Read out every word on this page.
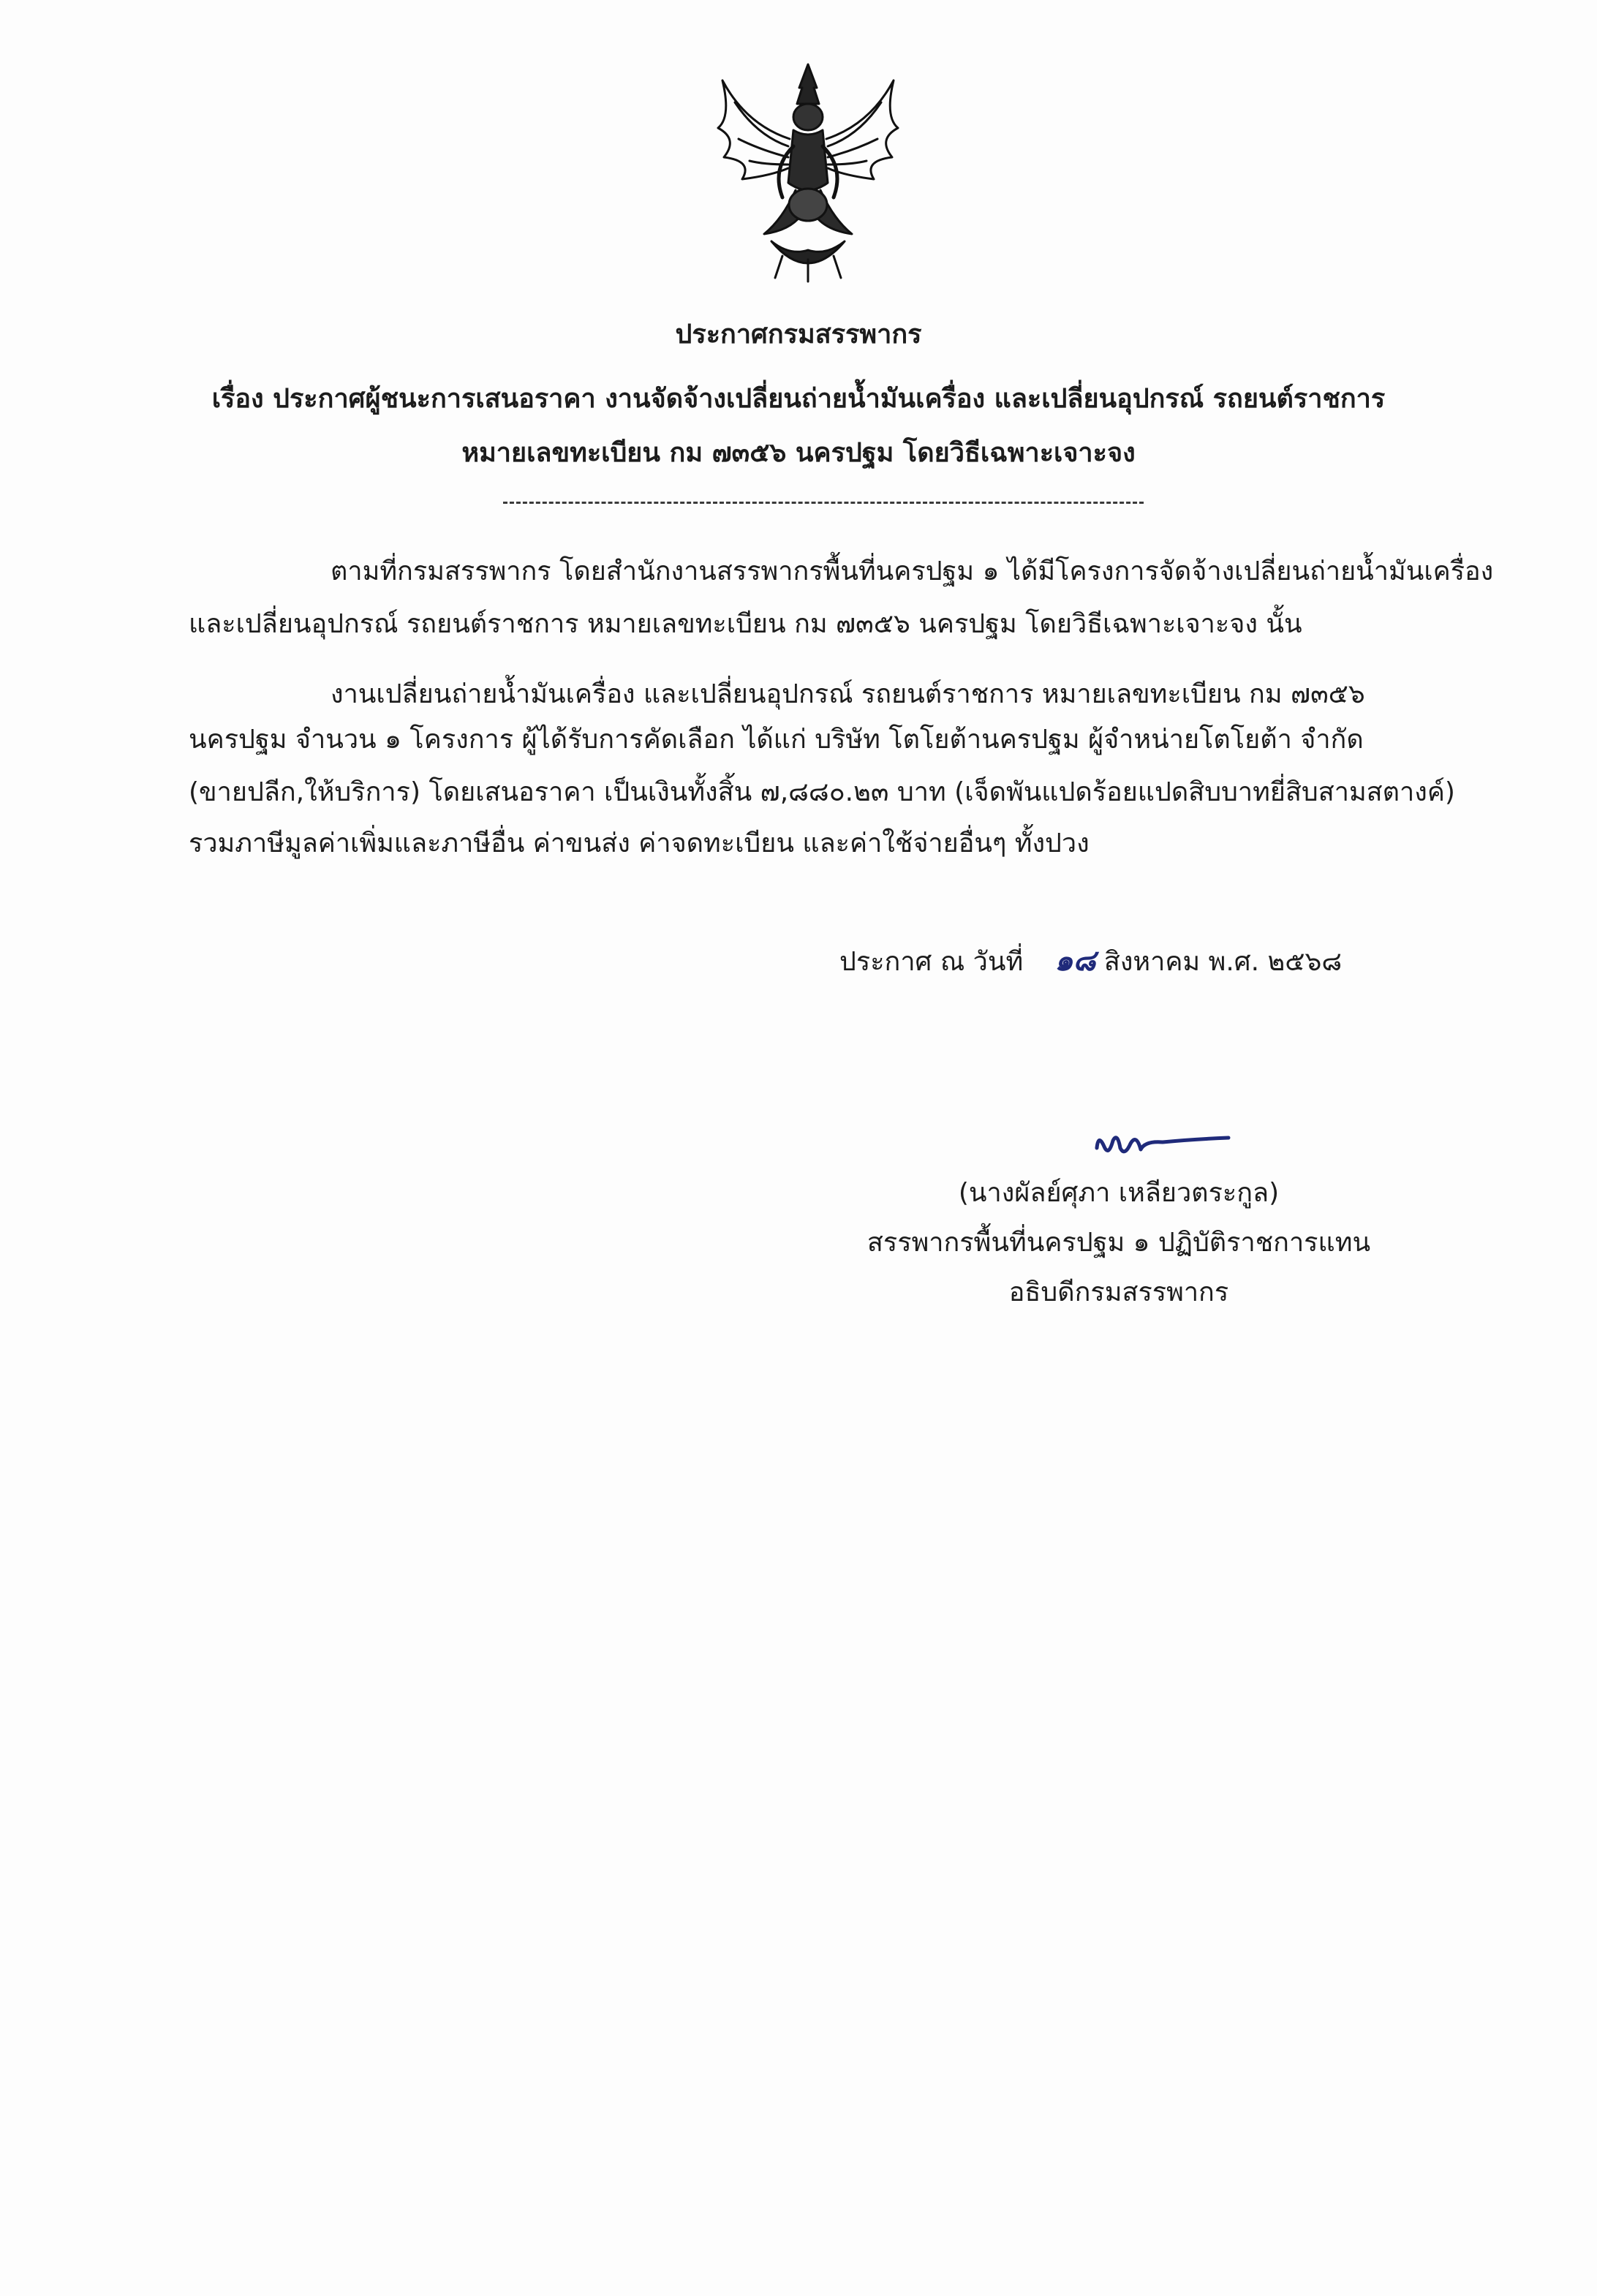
ประกาศกรมสรรพากร
เรื่อง ประกาศผู้ชนะการเสนอราคา งานจัดจ้างเปลี่ยนถ่ายน้ำมันเครื่อง และเปลี่ยนอุปกรณ์ รถยนต์ราชการ
หมายเลขทะเบียน กม ๗๓๕๖ นครปฐม โดยวิธีเฉพาะเจาะจง
ตามที่กรมสรรพากร โดยสำนักงานสรรพากรพื้นที่นครปฐม ๑ ได้มีโครงการจัดจ้างเปลี่ยนถ่ายน้ำมันเครื่อง
และเปลี่ยนอุปกรณ์ รถยนต์ราชการ หมายเลขทะเบียน กม ๗๓๕๖ นครปฐม โดยวิธีเฉพาะเจาะจง นั้น
งานเปลี่ยนถ่ายน้ำมันเครื่อง และเปลี่ยนอุปกรณ์ รถยนต์ราชการ หมายเลขทะเบียน กม ๗๓๕๖
นครปฐม จำนวน ๑ โครงการ ผู้ได้รับการคัดเลือก ได้แก่ บริษัท โตโยต้านครปฐม ผู้จำหน่ายโตโยต้า จำกัด
(ขายปลีก,ให้บริการ) โดยเสนอราคา เป็นเงินทั้งสิ้น ๗,๘๘๐.๒๓ บาท (เจ็ดพันแปดร้อยแปดสิบบาทยี่สิบสามสตางค์)
รวมภาษีมูลค่าเพิ่มและภาษีอื่น ค่าขนส่ง ค่าจดทะเบียน และค่าใช้จ่ายอื่นๆ ทั้งปวง
ประกาศ ณ วันที่ ๑๘ สิงหาคม พ.ศ. ๒๕๖๘
(นางผัลย์ศุภา เหลียวตระกูล)
สรรพากรพื้นที่นครปฐม ๑ ปฏิบัติราชการแทน
อธิบดีกรมสรรพากร
